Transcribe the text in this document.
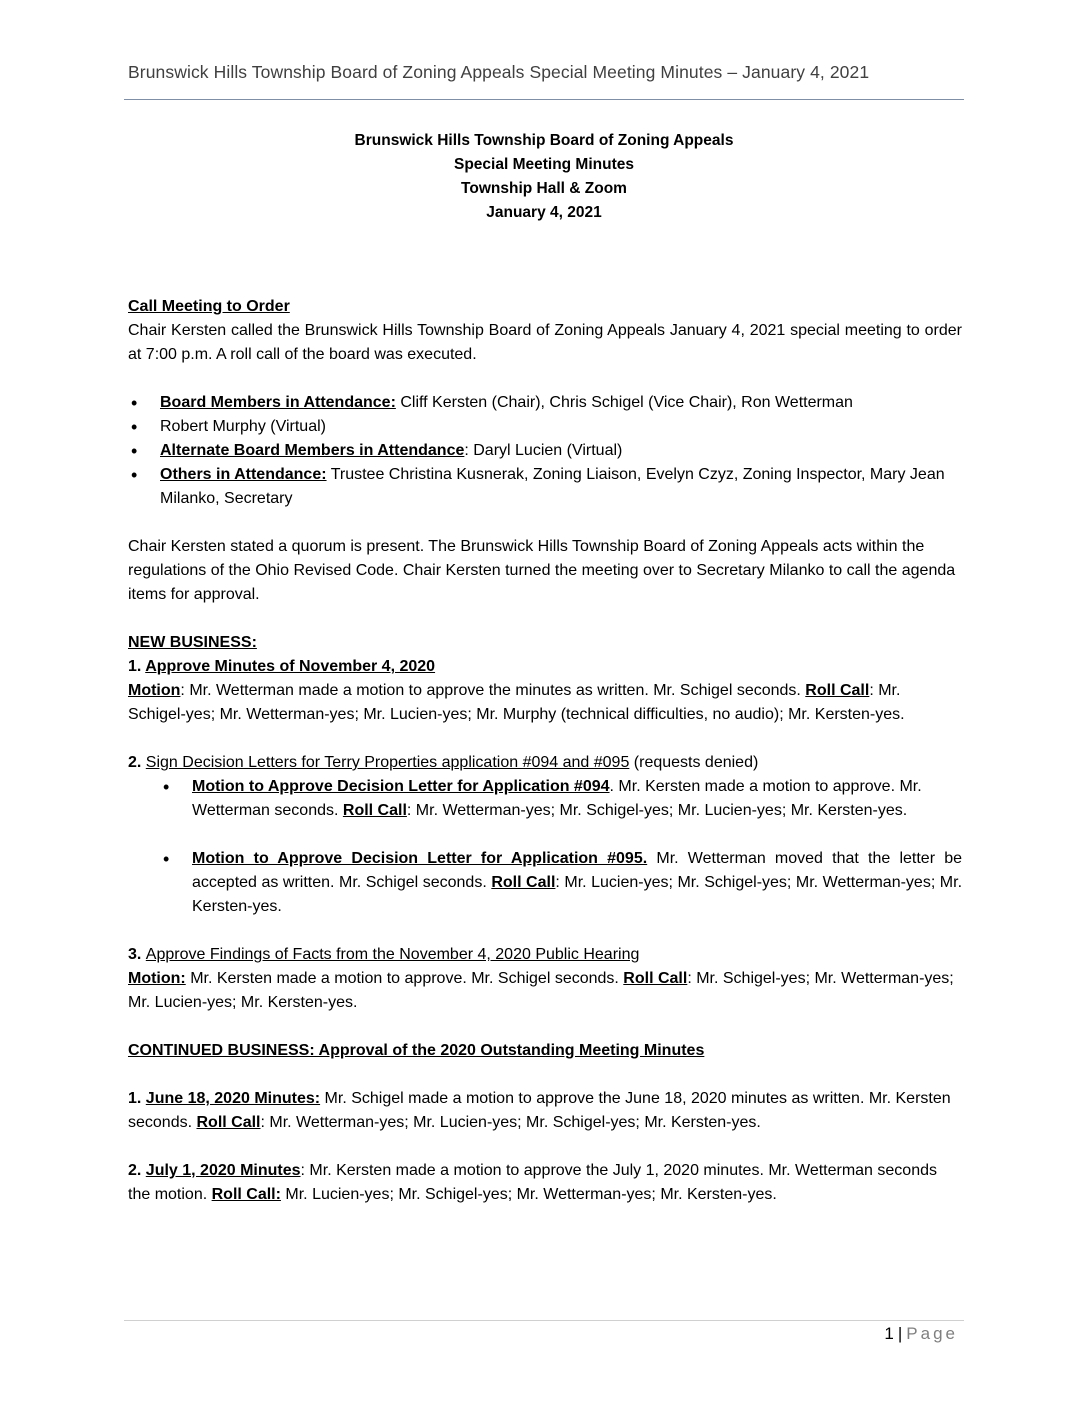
Brunswick Hills Township Board of Zoning Appeals Special Meeting Minutes – January 4, 2021
Brunswick Hills Township Board of Zoning Appeals
Special Meeting Minutes
Township Hall & Zoom
January 4, 2021

Call Meeting to Order

Chair Kersten called the Brunswick Hills Township Board of Zoning Appeals January 4, 2021 special meeting to order at 7:00 p.m. A roll call of the board was executed.

• Board Members in Attendance: Cliff Kersten (Chair), Chris Schigel (Vice Chair), Ron Wetterman
• Robert Murphy (Virtual)
• Alternate Board Members in Attendance: Daryl Lucien (Virtual)
• Others in Attendance: Trustee Christina Kusnerak, Zoning Liaison, Evelyn Czyz, Zoning Inspector, Mary Jean Milanko, Secretary

Chair Kersten stated a quorum is present. The Brunswick Hills Township Board of Zoning Appeals acts within the regulations of the Ohio Revised Code. Chair Kersten turned the meeting over to Secretary Milanko to call the agenda items for approval.

NEW BUSINESS:

1. Approve Minutes of November 4, 2020

Motion: Mr. Wetterman made a motion to approve the minutes as written. Mr. Schigel seconds. Roll Call: Mr. Schigel-yes; Mr. Wetterman-yes; Mr. Lucien-yes; Mr. Murphy (technical difficulties, no audio); Mr. Kersten-yes.

2. Sign Decision Letters for Terry Properties application #094 and #095 (requests denied)

• Motion to Approve Decision Letter for Application #094. Mr. Kersten made a motion to approve. Mr. Wetterman seconds. Roll Call: Mr. Wetterman-yes; Mr. Schigel-yes; Mr. Lucien-yes; Mr. Kersten-yes.
• Motion to Approve Decision Letter for Application #095. Mr. Wetterman moved that the letter be accepted as written. Mr. Schigel seconds. Roll Call: Mr. Lucien-yes; Mr. Schigel-yes; Mr. Wetterman-yes; Mr. Kersten-yes.

3. Approve Findings of Facts from the November 4, 2020 Public Hearing

Motion: Mr. Kersten made a motion to approve. Mr. Schigel seconds. Roll Call: Mr. Schigel-yes; Mr. Wetterman-yes; Mr. Lucien-yes; Mr. Kersten-yes.

CONTINUED BUSINESS: Approval of the 2020 Outstanding Meeting Minutes

1. June 18, 2020 Minutes: Mr. Schigel made a motion to approve the June 18, 2020 minutes as written. Mr. Kersten seconds. Roll Call: Mr. Wetterman-yes; Mr. Lucien-yes; Mr. Schigel-yes; Mr. Kersten-yes.

2. July 1, 2020 Minutes: Mr. Kersten made a motion to approve the July 1, 2020 minutes. Mr. Wetterman seconds the motion. Roll Call: Mr. Lucien-yes; Mr. Schigel-yes; Mr. Wetterman-yes; Mr. Kersten-yes.

1 | Page
